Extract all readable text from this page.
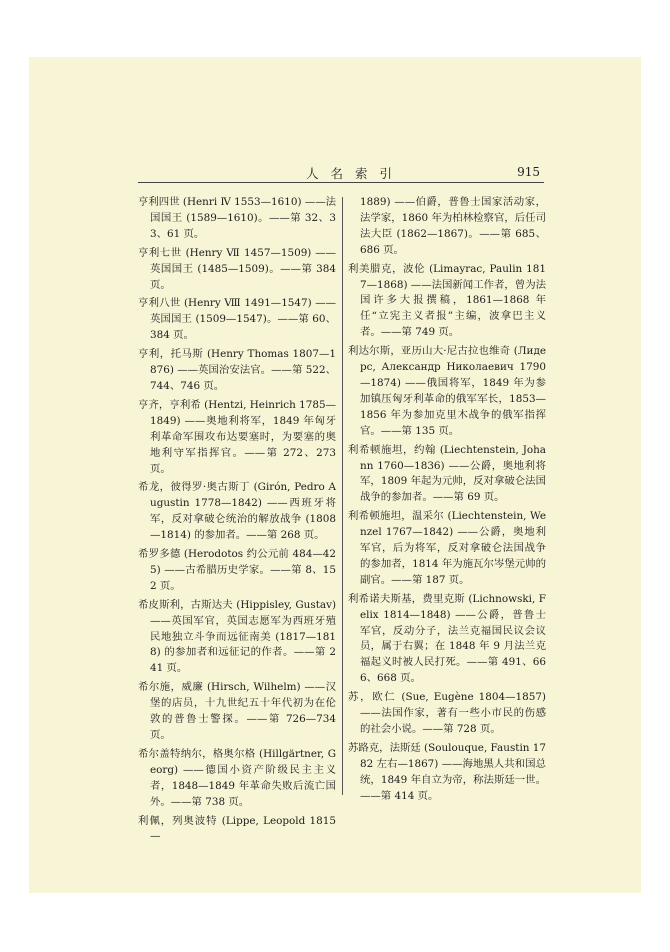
人名索引	915
亨利四世 (Henri Ⅳ 1553—1610) ——法国国王 (1589—1610)。——第 32、33、61 页。
亨利七世 (Henry Ⅶ 1457—1509) ——英国国王 (1485—1509)。——第 384 页。
亨利八世 (Henry Ⅷ 1491—1547) ——英国国王 (1509—1547)。——第 60、384 页。
亨利，托马斯 (Henry Thomas 1807—1876) ——英国治安法官。——第 522、744、746 页。
亨齐，亨利希 (Hentzi, Heinrich 1785—1849) ——奥地利将军，1849 年匈牙利革命军围攻布达要塞时，为要塞的奥地利守军指挥官。——第 272、273 页。
希龙，彼得罗·奥古斯丁 (Girón, Pedro Augustin 1778—1842) ——西班牙将军，反对拿破仑统治的解放战争 (1808—1814) 的参加者。——第 268 页。
希罗多德 (Herodotos 约公元前 484—425) ——古希腊历史学家。——第 8、152 页。
希皮斯利，古斯达夫 (Hippisley, Gustav) ——英国军官，英国志愿军为西班牙殖民地独立斗争而远征南美 (1817—1818) 的参加者和远征记的作者。——第 241 页。
希尔施，威廉 (Hirsch, Wilhelm) ——汉堡的店员，十九世纪五十年代初为在伦敦的普鲁士警探。——第 726—734 页。
希尔盖特纳尔，格奥尔格 (Hillgärtner, Georg) ——德国小资产阶级民主主义者，1848—1849 年革命失败后流亡国外。——第 738 页。
利佩，列奥波特 (Lippe, Leopold 1815—
1889) ——伯爵，普鲁士国家活动家，法学家，1860 年为柏林检察官，后任司法大臣 (1862—1867)。——第 685、686 页。
利美腊克，波伦 (Limayrac, Paulin 1817—1868) ——法国新闻工作者，曾为法国许多大报撰稿，1861—1868 年任“立宪主义者报”主编，波拿巴主义者。——第 749 页。
利达尔斯，亚历山大·尼古拉也维奇 (Лидерс, Александр Николаевич 1790—1874) ——俄国将军，1849 年为参加镇压匈牙利革命的俄军军长，1853—1856 年为参加克里木战争的俄军指挥官。——第 135 页。
利希顿施坦，约翰 (Liechtenstein, Johann 1760—1836) ——公爵，奥地利将军，1809 年起为元帅，反对拿破仑法国战争的参加者。——第 69 页。
利希顿施坦，温采尔 (Liechtenstein, Wenzel 1767—1842) ——公爵，奥地利军官，后为将军，反对拿破仑法国战争的参加者，1814 年为施瓦尔岑堡元帅的副官。——第 187 页。
利希诺夫斯基，费里克斯 (Lichnowski, Felix 1814—1848) ——公爵，普鲁士军官，反动分子，法兰克福国民议会议员，属于右翼；在 1848 年 9 月法兰克福起义时被人民打死。——第 491、666、668 页。
苏，欧仁 (Sue, Eugène 1804—1857) ——法国作家，著有一些小市民的伤感的社会小说。——第 728 页。
苏路克，法斯廷 (Soulouque, Faustin 1782 左右—1867) ——海地黑人共和国总统，1849 年自立为帝，称法斯廷一世。——第 414 页。
